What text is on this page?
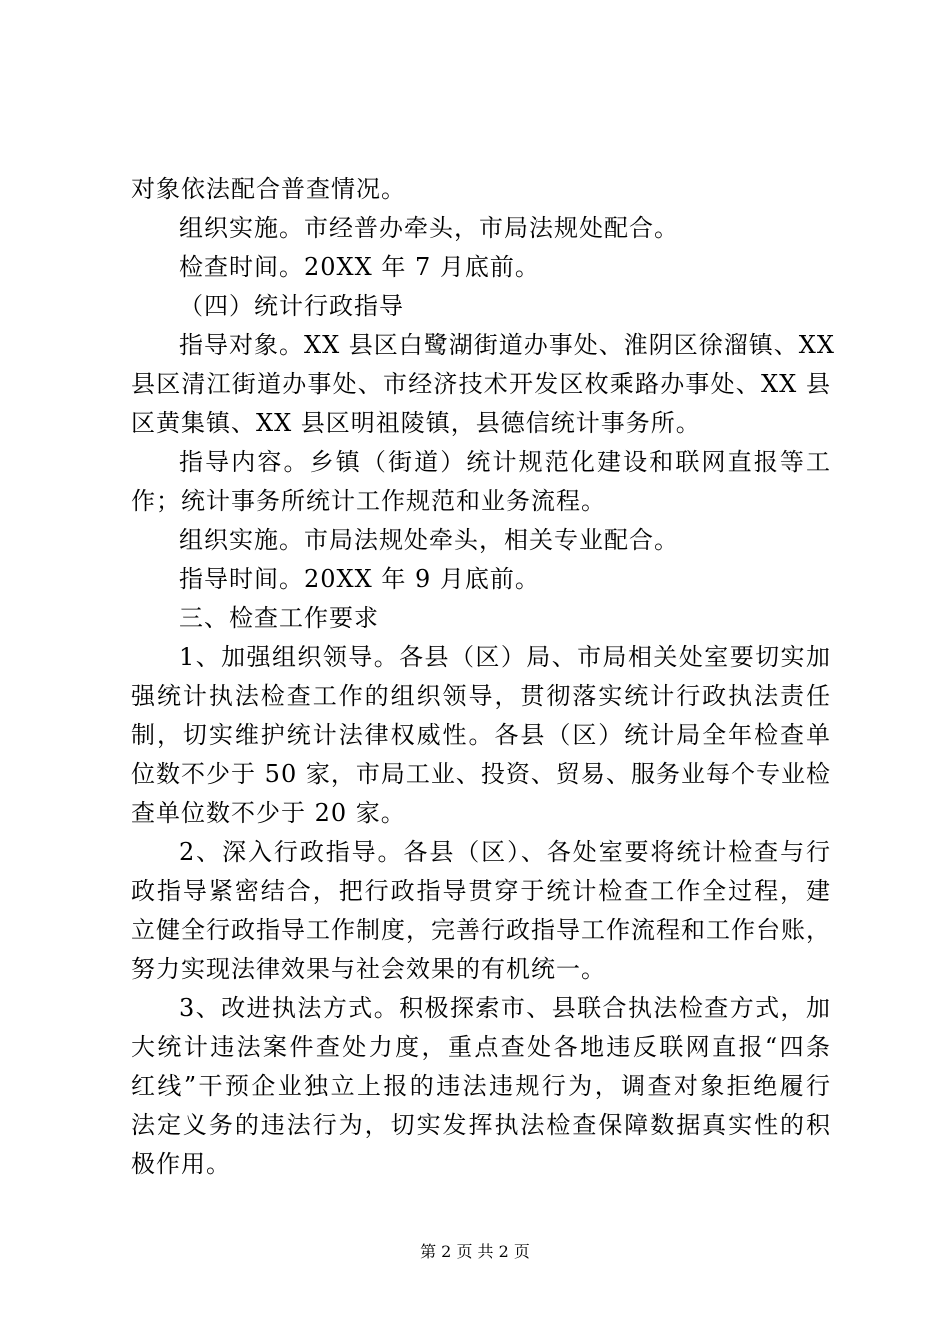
对象依法配合普查情况。
组织实施。市经普办牵头，市局法规处配合。
检查时间。20XX 年 7 月底前。
（四）统计行政指导
指导对象。XX 县区白鹭湖街道办事处、淮阴区徐溜镇、XX
县区清江街道办事处、市经济技术开发区枚乘路办事处、XX 县
区黄集镇、XX 县区明祖陵镇，县德信统计事务所。
指导内容。乡镇（街道）统计规范化建设和联网直报等工
作；统计事务所统计工作规范和业务流程。
组织实施。市局法规处牵头，相关专业配合。
指导时间。20XX 年 9 月底前。
三、检查工作要求
1、加强组织领导。各县（区）局、市局相关处室要切实加
强统计执法检查工作的组织领导，贯彻落实统计行政执法责任
制，切实维护统计法律权威性。各县（区）统计局全年检查单
位数不少于 50 家，市局工业、投资、贸易、服务业每个专业检
查单位数不少于 20 家。
2、深入行政指导。各县（区）、各处室要将统计检查与行
政指导紧密结合，把行政指导贯穿于统计检查工作全过程，建
立健全行政指导工作制度，完善行政指导工作流程和工作台账，
努力实现法律效果与社会效果的有机统一。
3、改进执法方式。积极探索市、县联合执法检查方式，加
大统计违法案件查处力度，重点查处各地违反联网直报“四条
红线”干预企业独立上报的违法违规行为，调查对象拒绝履行
法定义务的违法行为，切实发挥执法检查保障数据真实性的积
极作用。
第 2 页 共 2 页
